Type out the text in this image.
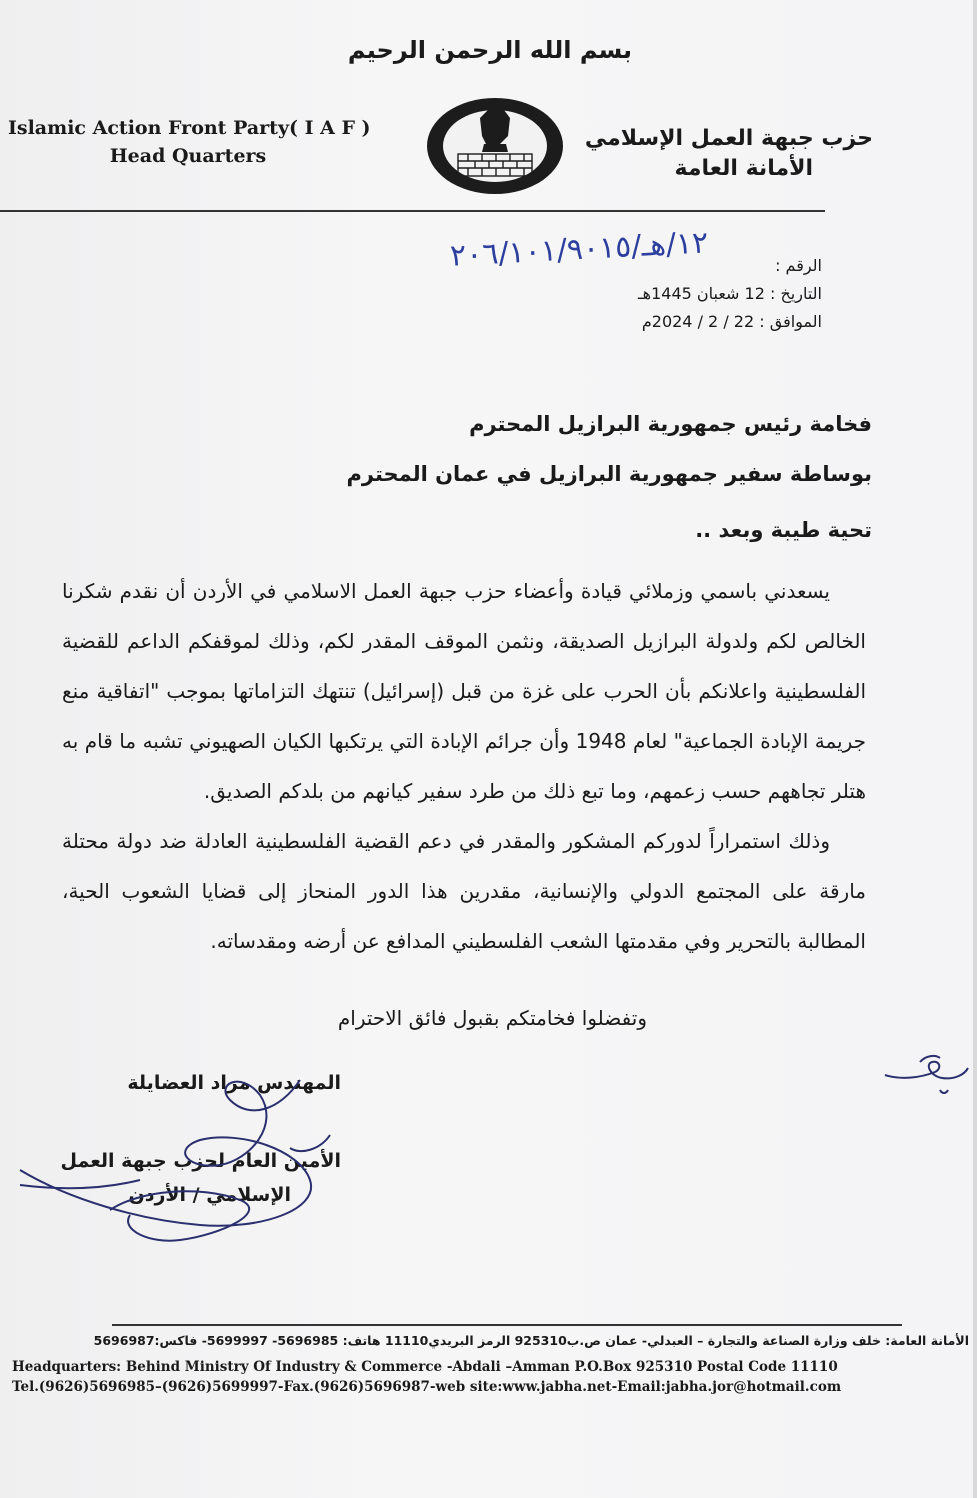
بسم الله الرحمن الرحيم
Islamic Action Front Party( I A F )
Head Quarters
حزب جبهة العمل الإسلامي
الأمانة العامة
الرقم :
التاريخ : 12 شعبان 1445هـ
الموافق : 22 / 2 / 2024م
١٢/هـ/٢٠٦/١٠١/٩٠١٥
فخامة رئيس جمهورية البرازيل المحترم
بوساطة سفير جمهورية البرازيل في عمان المحترم
تحية طيبة وبعد ..

يسعدني باسمي وزملائي قيادة وأعضاء حزب جبهة العمل الاسلامي في الأردن أن نقدم شكرنا الخالص لكم ولدولة البرازيل الصديقة، ونثمن الموقف المقدر لكم، وذلك لموقفكم الداعم للقضية الفلسطينية واعلانكم بأن الحرب على غزة من قبل (إسرائيل) تنتهك التزاماتها بموجب "اتفاقية منع جريمة الإبادة الجماعية" لعام 1948 وأن جرائم الإبادة التي يرتكبها الكيان الصهيوني تشبه ما قام به هتلر تجاههم حسب زعمهم، وما تبع ذلك من طرد سفير كيانهم من بلدكم الصديق.

وذلك استمراراً لدوركم المشكور والمقدر في دعم القضية الفلسطينية العادلة ضد دولة محتلة مارقة على المجتمع الدولي والإنسانية، مقدرين هذا الدور المنحاز إلى قضايا الشعوب الحية، المطالبة بالتحرير وفي مقدمتها الشعب الفلسطيني المدافع عن أرضه ومقدساته.

وتفضلوا فخامتكم بقبول فائق الاحترام
المهندس مراد العضايلة
الأمين العام لحزب جبهة العمل
الإسلامي / الأردن
الأمانة العامة: خلف وزارة الصناعة والتجارة – العبدلي- عمان ص.ب925310 الرمز البريدي11110 هاتف: 5696985- 5699997- فاكس:5696987
Headquarters: Behind Ministry Of Industry & Commerce -Abdali –Amman P.O.Box 925310 Postal Code 11110
Tel.(9626)5696985–(9626)5699997-Fax.(9626)5696987-web site:www.jabha.net-Email:jabha.jor@hotmail.com
